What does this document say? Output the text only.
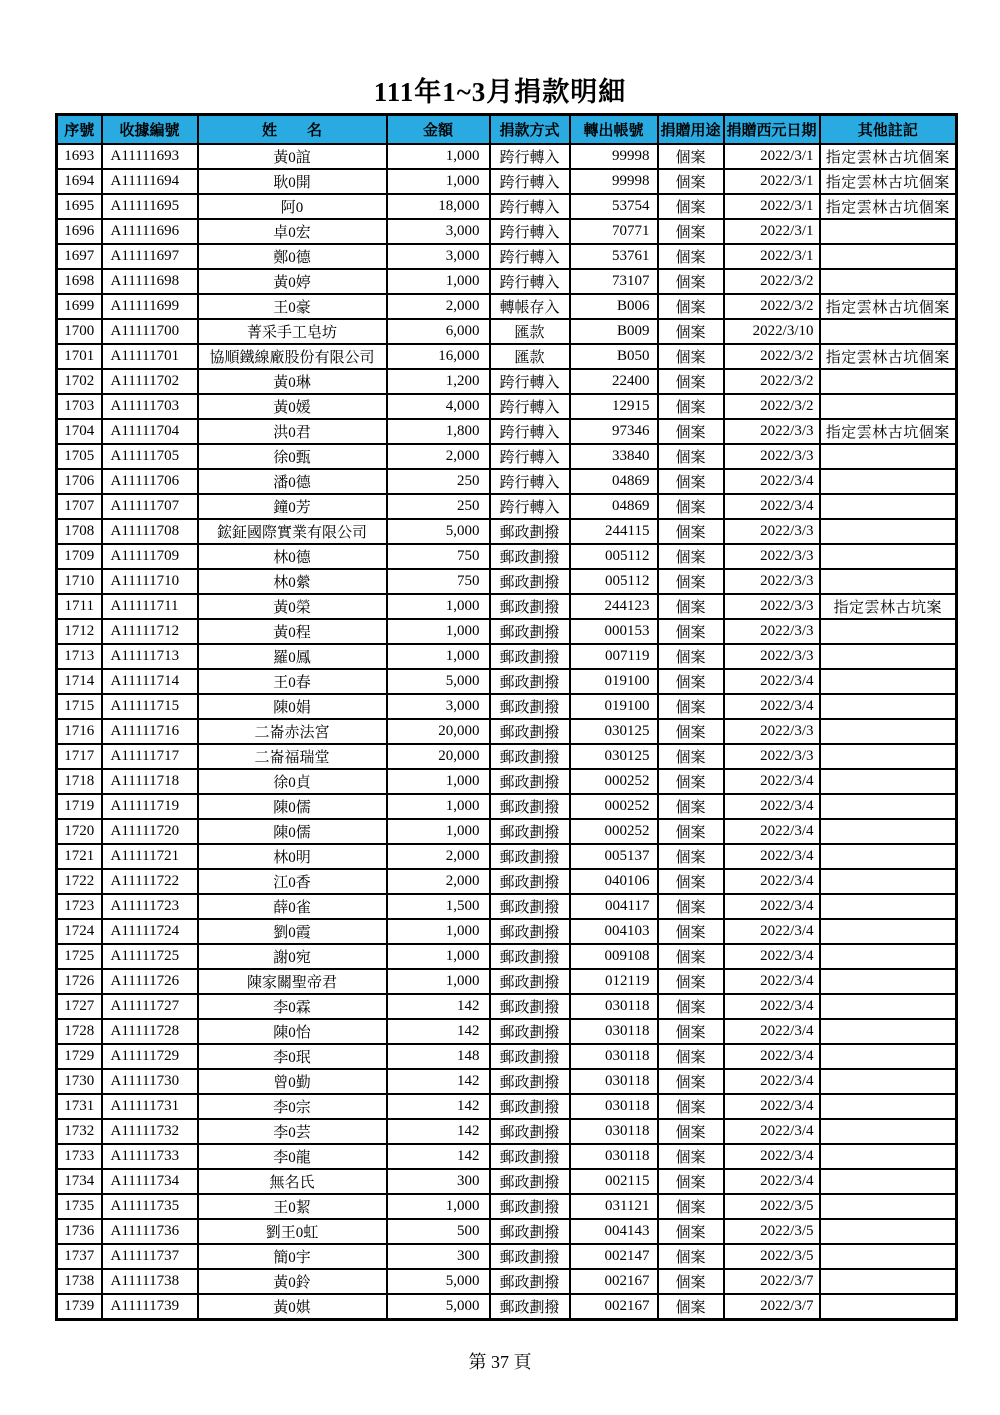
111年1~3月捐款明細
序號	收據編號	姓　　名	金額	捐款方式	轉出帳號	捐贈用途	捐贈西元日期	其他註記
1693	A11111693	黃0誼	1,000	跨行轉入	99998	個案	2022/3/1	指定雲林古坑個案
1694	A11111694	耿0開	1,000	跨行轉入	99998	個案	2022/3/1	指定雲林古坑個案
1695	A11111695	阿0	18,000	跨行轉入	53754	個案	2022/3/1	指定雲林古坑個案
1696	A11111696	卓0宏	3,000	跨行轉入	70771	個案	2022/3/1	
1697	A11111697	鄭0德	3,000	跨行轉入	53761	個案	2022/3/1	
1698	A11111698	黃0婷	1,000	跨行轉入	73107	個案	2022/3/2	
1699	A11111699	王0豪	2,000	轉帳存入	B006	個案	2022/3/2	指定雲林古坑個案
1700	A11111700	菁采手工皂坊	6,000	匯款	B009	個案	2022/3/10	
1701	A11111701	協順鐵線廠股份有限公司	16,000	匯款	B050	個案	2022/3/2	指定雲林古坑個案
1702	A11111702	黃0琳	1,200	跨行轉入	22400	個案	2022/3/2	
1703	A11111703	黃0媛	4,000	跨行轉入	12915	個案	2022/3/2	
1704	A11111704	洪0君	1,800	跨行轉入	97346	個案	2022/3/3	指定雲林古坑個案
1705	A11111705	徐0甄	2,000	跨行轉入	33840	個案	2022/3/3	
1706	A11111706	潘0德	250	跨行轉入	04869	個案	2022/3/4	
1707	A11111707	鐘0芳	250	跨行轉入	04869	個案	2022/3/4	
1708	A11111708	鋐鉦國際實業有限公司	5,000	郵政劃撥	244115	個案	2022/3/3	
1709	A11111709	林0德	750	郵政劃撥	005112	個案	2022/3/3	
1710	A11111710	林0縈	750	郵政劃撥	005112	個案	2022/3/3	
1711	A11111711	黃0榮	1,000	郵政劃撥	244123	個案	2022/3/3	指定雲林古坑案
1712	A11111712	黃0程	1,000	郵政劃撥	000153	個案	2022/3/3	
1713	A11111713	羅0鳳	1,000	郵政劃撥	007119	個案	2022/3/3	
1714	A11111714	王0春	5,000	郵政劃撥	019100	個案	2022/3/4	
1715	A11111715	陳0娟	3,000	郵政劃撥	019100	個案	2022/3/4	
1716	A11111716	二崙赤法宮	20,000	郵政劃撥	030125	個案	2022/3/3	
1717	A11111717	二崙福瑞堂	20,000	郵政劃撥	030125	個案	2022/3/3	
1718	A11111718	徐0貞	1,000	郵政劃撥	000252	個案	2022/3/4	
1719	A11111719	陳0儒	1,000	郵政劃撥	000252	個案	2022/3/4	
1720	A11111720	陳0儒	1,000	郵政劃撥	000252	個案	2022/3/4	
1721	A11111721	林0明	2,000	郵政劃撥	005137	個案	2022/3/4	
1722	A11111722	江0香	2,000	郵政劃撥	040106	個案	2022/3/4	
1723	A11111723	薛0雀	1,500	郵政劃撥	004117	個案	2022/3/4	
1724	A11111724	劉0霞	1,000	郵政劃撥	004103	個案	2022/3/4	
1725	A11111725	謝0宛	1,000	郵政劃撥	009108	個案	2022/3/4	
1726	A11111726	陳家關聖帝君	1,000	郵政劃撥	012119	個案	2022/3/4	
1727	A11111727	李0霖	142	郵政劃撥	030118	個案	2022/3/4	
1728	A11111728	陳0怡	142	郵政劃撥	030118	個案	2022/3/4	
1729	A11111729	李0珉	148	郵政劃撥	030118	個案	2022/3/4	
1730	A11111730	曾0勤	142	郵政劃撥	030118	個案	2022/3/4	
1731	A11111731	李0宗	142	郵政劃撥	030118	個案	2022/3/4	
1732	A11111732	李0芸	142	郵政劃撥	030118	個案	2022/3/4	
1733	A11111733	李0龍	142	郵政劃撥	030118	個案	2022/3/4	
1734	A11111734	無名氏	300	郵政劃撥	002115	個案	2022/3/4	
1735	A11111735	王0絜	1,000	郵政劃撥	031121	個案	2022/3/5	
1736	A11111736	劉王0虹	500	郵政劃撥	004143	個案	2022/3/5	
1737	A11111737	簡0宇	300	郵政劃撥	002147	個案	2022/3/5	
1738	A11111738	黃0鈴	5,000	郵政劃撥	002167	個案	2022/3/7	
1739	A11111739	黃0娸	5,000	郵政劃撥	002167	個案	2022/3/7	
第 37 頁
